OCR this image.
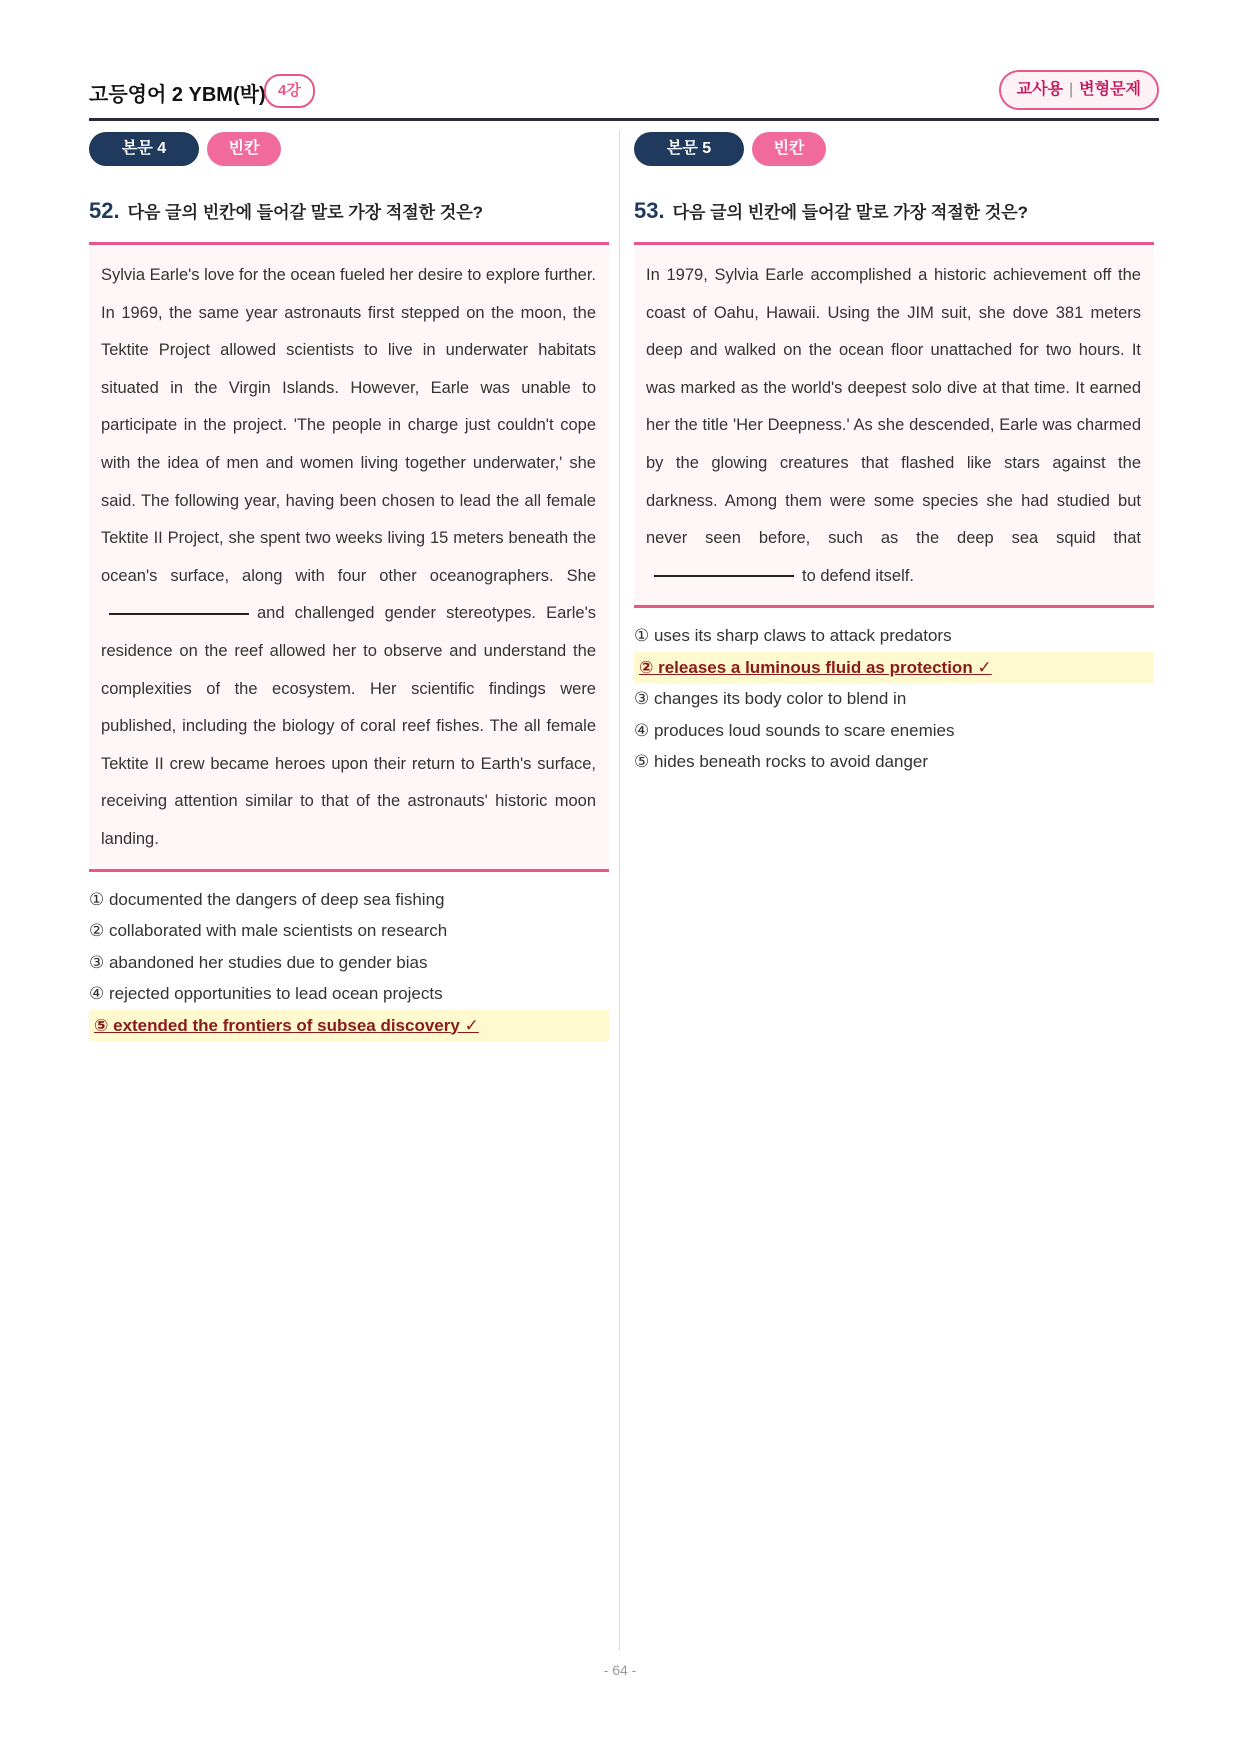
고등영어 2 YBM(박) 4강	교사용 | 변형문제
본문 4	빈칸
52. 다음 글의 빈칸에 들어갈 말로 가장 적절한 것은?

Sylvia Earle's love for the ocean fueled her desire to explore further. In 1969, the same year astronauts first stepped on the moon, the Tektite Project allowed scientists to live in underwater habitats situated in the Virgin Islands. However, Earle was unable to participate in the project. 'The people in charge just couldn't cope with the idea of men and women living together underwater,' she said. The following year, having been chosen to lead the all female Tektite II Project, she spent two weeks living 15 meters beneath the ocean's surface, along with four other oceanographers. Sheand challenged gender stereotypes. Earle's residence on the reef allowed her to observe and understand the complexities of the ecosystem. Her scientific findings were published, including the biology of coral reef fishes. The all female Tektite II crew became heroes upon their return to Earth's surface, receiving attention similar to that of the astronauts' historic moon landing.

① documented the dangers of deep sea fishing
② collaborated with male scientists on research
③ abandoned her studies due to gender bias
④ rejected opportunities to lead ocean projects
⑤ extended the frontiers of subsea discovery ✓
본문 5	빈칸
53. 다음 글의 빈칸에 들어갈 말로 가장 적절한 것은?

In 1979, Sylvia Earle accomplished a historic achievement off the coast of Oahu, Hawaii. Using the JIM suit, she dove 381 meters deep and walked on the ocean floor unattached for two hours. It was marked as the world's deepest solo dive at that time. It earned her the title 'Her Deepness.' As she descended, Earle was charmed by the glowing creatures that flashed like stars against the darkness. Among them were some species she had studied but never seen before, such as the deep sea squid thatto defend itself.

① uses its sharp claws to attack predators
② releases a luminous fluid as protection ✓
③ changes its body color to blend in
④ produces loud sounds to scare enemies
⑤ hides beneath rocks to avoid danger
- 64 -
